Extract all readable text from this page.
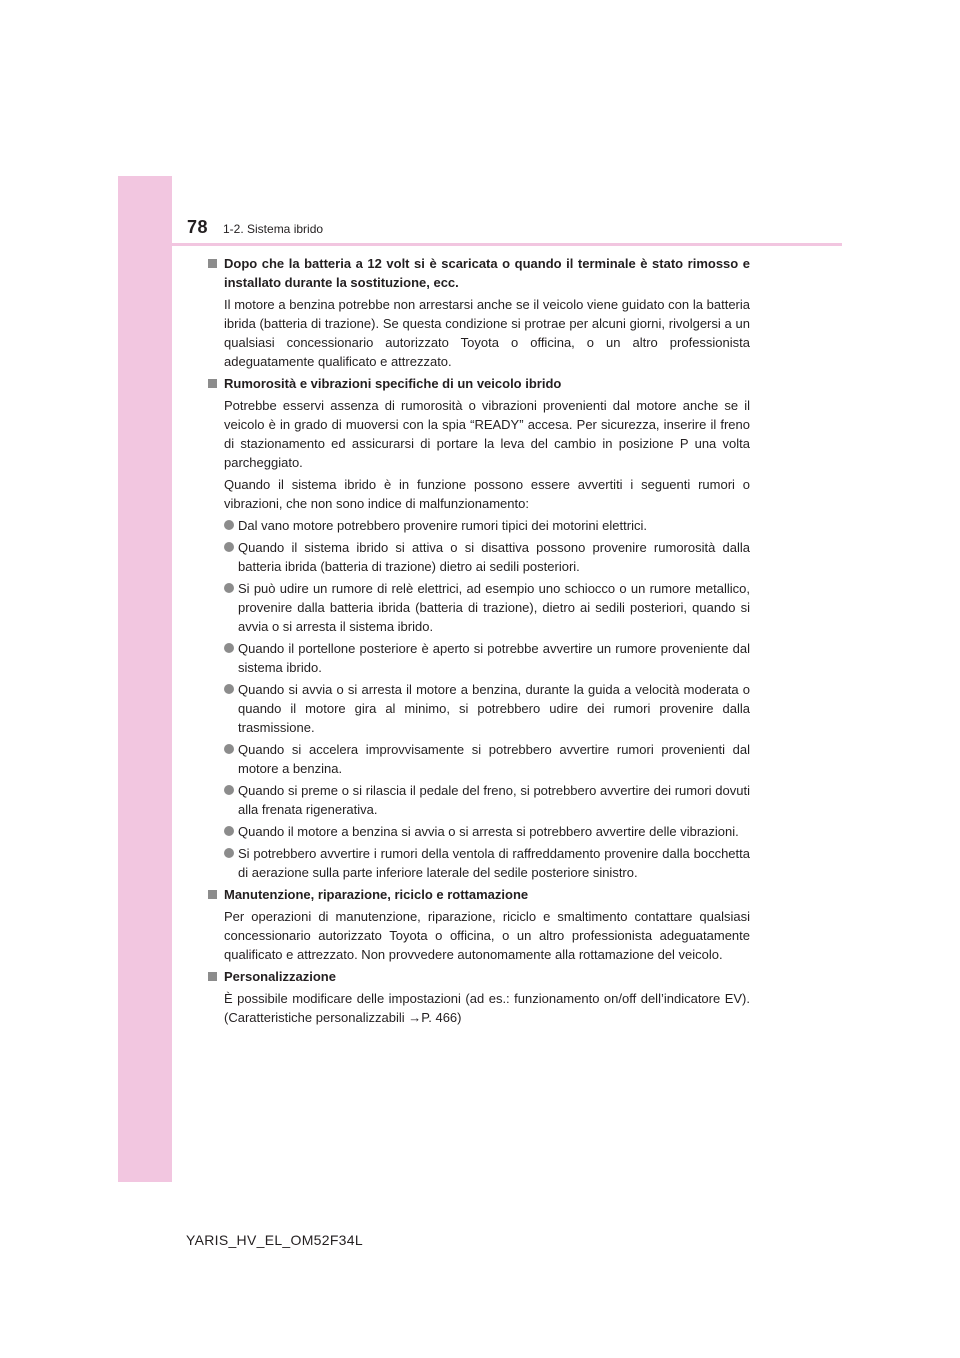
78 1-2. Sistema ibrido
Dopo che la batteria a 12 volt si è scaricata o quando il terminale è stato rimosso e installato durante la sostituzione, ecc.
Il motore a benzina potrebbe non arrestarsi anche se il veicolo viene guidato con la batteria ibrida (batteria di trazione). Se questa condizione si protrae per alcuni giorni, rivolgersi a un qualsiasi concessionario autorizzato Toyota o officina, o un altro professionista adeguatamente qualificato e attrezzato.
Rumorosità e vibrazioni specifiche di un veicolo ibrido
Potrebbe esservi assenza di rumorosità o vibrazioni provenienti dal motore anche se il veicolo è in grado di muoversi con la spia “READY” accesa. Per sicurezza, inserire il freno di stazionamento ed assicurarsi di portare la leva del cambio in posizione P una volta parcheggiato.
Quando il sistema ibrido è in funzione possono essere avvertiti i seguenti rumori o vibrazioni, che non sono indice di malfunzionamento:
Dal vano motore potrebbero provenire rumori tipici dei motorini elettrici.
Quando il sistema ibrido si attiva o si disattiva possono provenire rumorosità dalla batteria ibrida (batteria di trazione) dietro ai sedili posteriori.
Si può udire un rumore di relè elettrici, ad esempio uno schiocco o un rumore metallico, provenire dalla batteria ibrida (batteria di trazione), dietro ai sedili posteriori, quando si avvia o si arresta il sistema ibrido.
Quando il portellone posteriore è aperto si potrebbe avvertire un rumore proveniente dal sistema ibrido.
Quando si avvia o si arresta il motore a benzina, durante la guida a velocità moderata o quando il motore gira al minimo, si potrebbero udire dei rumori provenire dalla trasmissione.
Quando si accelera improvvisamente si potrebbero avvertire rumori provenienti dal motore a benzina.
Quando si preme o si rilascia il pedale del freno, si potrebbero avvertire dei rumori dovuti alla frenata rigenerativa.
Quando il motore a benzina si avvia o si arresta si potrebbero avvertire delle vibrazioni.
Si potrebbero avvertire i rumori della ventola di raffreddamento provenire dalla bocchetta di aerazione sulla parte inferiore laterale del sedile posteriore sinistro.
Manutenzione, riparazione, riciclo e rottamazione
Per operazioni di manutenzione, riparazione, riciclo e smaltimento contattare qualsiasi concessionario autorizzato Toyota o officina, o un altro professionista adeguatamente qualificato e attrezzato. Non provvedere autonomamente alla rottamazione del veicolo.
Personalizzazione
È possibile modificare delle impostazioni (ad es.: funzionamento on/off dell’indicatore EV). (Caratteristiche personalizzabili →P. 466)
YARIS_HV_EL_OM52F34L
